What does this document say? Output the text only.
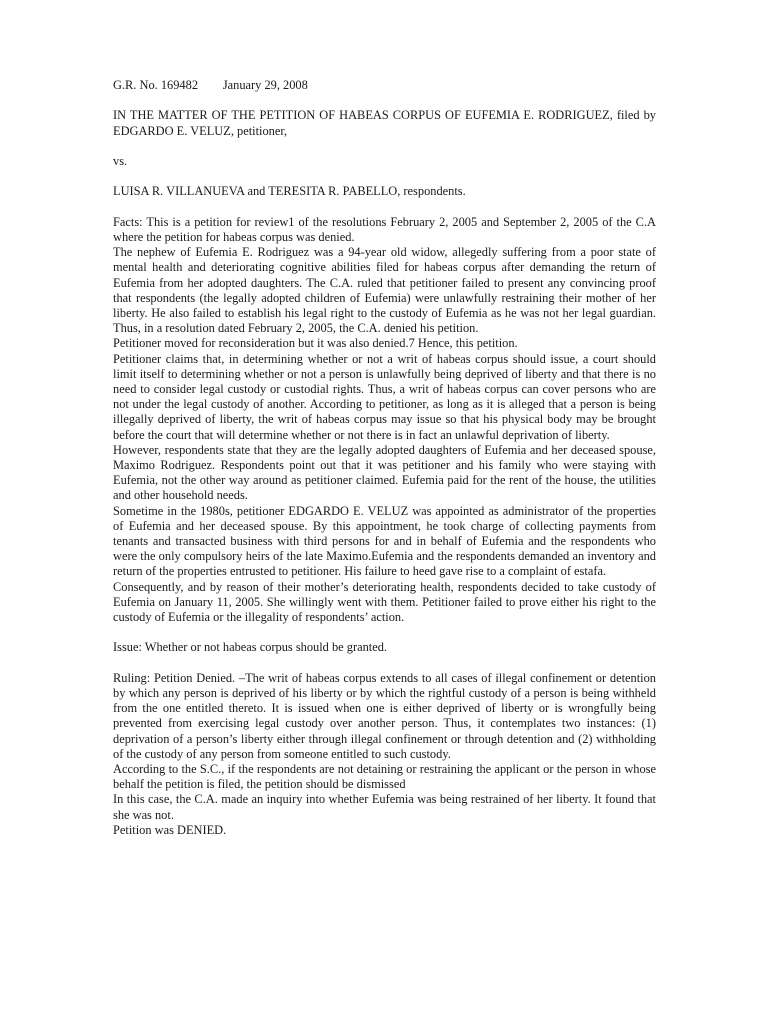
G.R. No. 169482 January 29, 2008

IN THE MATTER OF THE PETITION OF HABEAS CORPUS OF EUFEMIA E. RODRIGUEZ, filed by EDGARDO E. VELUZ, petitioner,

vs.

LUISA R. VILLANUEVA and TERESITA R. PABELLO, respondents.

Facts: This is a petition for review1 of the resolutions February 2, 2005 and September 2, 2005 of the C.A where the petition for habeas corpus was denied.

The nephew of Eufemia E. Rodriguez was a 94-year old widow, allegedly suffering from a poor state of mental health and deteriorating cognitive abilities filed for habeas corpus after demanding the return of Eufemia from her adopted daughters. The C.A. ruled that petitioner failed to present any convincing proof that respondents (the legally adopted children of Eufemia) were unlawfully restraining their mother of her liberty. He also failed to establish his legal right to the custody of Eufemia as he was not her legal guardian. Thus, in a resolution dated February 2, 2005, the C.A. denied his petition.

Petitioner moved for reconsideration but it was also denied.7 Hence, this petition.

Petitioner claims that, in determining whether or not a writ of habeas corpus should issue, a court should limit itself to determining whether or not a person is unlawfully being deprived of liberty and that there is no need to consider legal custody or custodial rights. Thus, a writ of habeas corpus can cover persons who are not under the legal custody of another. According to petitioner, as long as it is alleged that a person is being illegally deprived of liberty, the writ of habeas corpus may issue so that his physical body may be brought before the court that will determine whether or not there is in fact an unlawful deprivation of liberty.

However, respondents state that they are the legally adopted daughters of Eufemia and her deceased spouse, Maximo Rodriguez. Respondents point out that it was petitioner and his family who were staying with Eufemia, not the other way around as petitioner claimed. Eufemia paid for the rent of the house, the utilities and other household needs.

Sometime in the 1980s, petitioner EDGARDO E. VELUZ was appointed as administrator of the properties of Eufemia and her deceased spouse. By this appointment, he took charge of collecting payments from tenants and transacted business with third persons for and in behalf of Eufemia and the respondents who were the only compulsory heirs of the late Maximo.Eufemia and the respondents demanded an inventory and return of the properties entrusted to petitioner. His failure to heed gave rise to a complaint of estafa.

Consequently, and by reason of their mother’s deteriorating health, respondents decided to take custody of Eufemia on January 11, 2005. She willingly went with them. Petitioner failed to prove either his right to the custody of Eufemia or the illegality of respondents’ action.

Issue: Whether or not habeas corpus should be granted.

Ruling: Petition Denied. –The writ of habeas corpus extends to all cases of illegal confinement or detention by which any person is deprived of his liberty or by which the rightful custody of a person is being withheld from the one entitled thereto. It is issued when one is either deprived of liberty or is wrongfully being prevented from exercising legal custody over another person. Thus, it contemplates two instances: (1) deprivation of a person’s liberty either through illegal confinement or through detention and (2) withholding of the custody of any person from someone entitled to such custody.

According to the S.C., if the respondents are not detaining or restraining the applicant or the person in whose behalf the petition is filed, the petition should be dismissed

In this case, the C.A. made an inquiry into whether Eufemia was being restrained of her liberty. It found that she was not.

Petition was DENIED.
